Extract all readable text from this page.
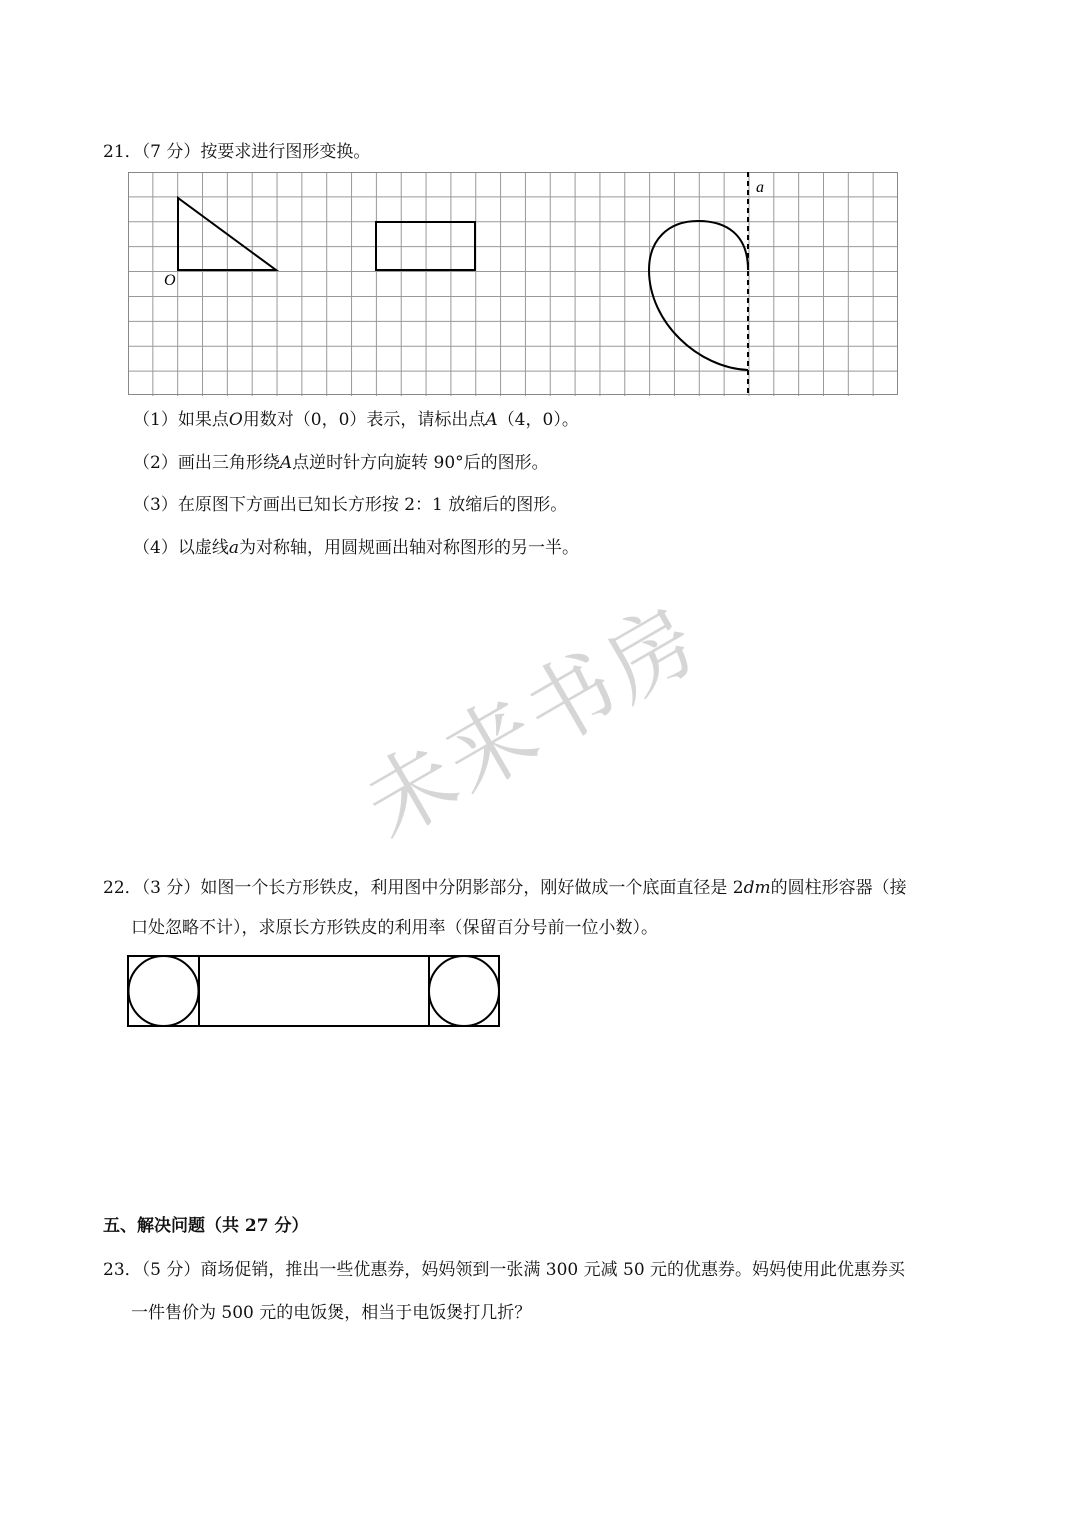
21．（7 分）按要求进行图形变换。
a
O
（1）如果点O用数对（0，0）表示，请标出点A（4，0）。
（2）画出三角形绕A点逆时针方向旋转 90°后的图形。
（3）在原图下方画出已知长方形按 2：1 放缩后的图形。
（4）以虚线a为对称轴，用圆规画出轴对称图形的另一半。
未来书房
22．（3 分）如图一个长方形铁皮，利用图中分阴影部分，刚好做成一个底面直径是 2dm的圆柱形容器（接
口处忽略不计），求原长方形铁皮的利用率（保留百分号前一位小数）。
五、解决问题（共 27 分）
23．（5 分）商场促销，推出一些优惠券，妈妈领到一张满 300 元减 50 元的优惠券。妈妈使用此优惠券买
一件售价为 500 元的电饭煲，相当于电饭煲打几折？
